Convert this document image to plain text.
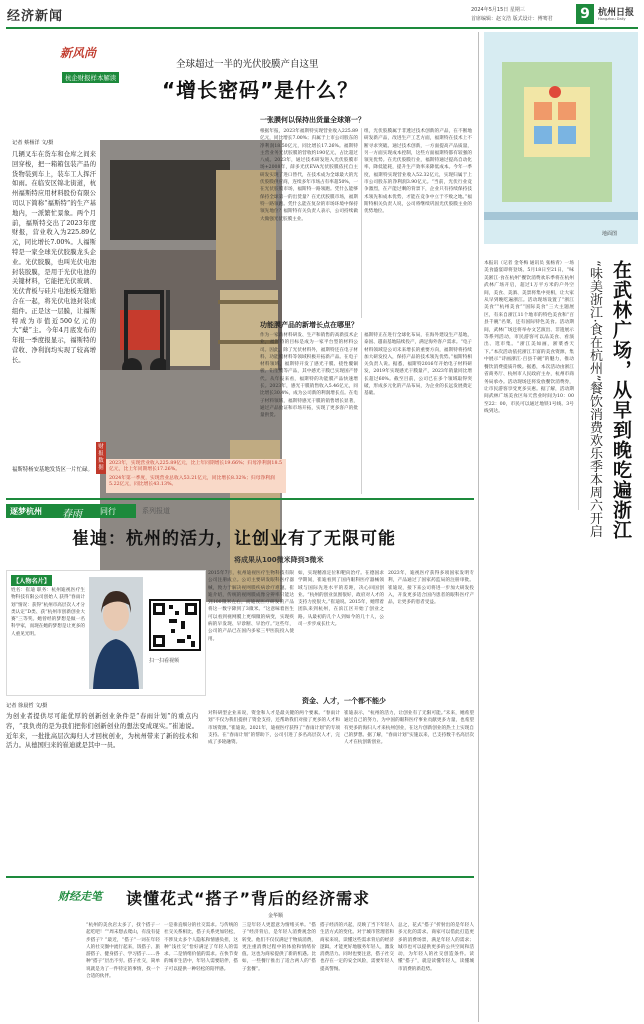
经济新闻	2024年5月15日 星期三
首席编辑：赵文浩 版式设计：傅骞君 9 杭州日报
Hangzhou Daily
新风尚
杭企财报样本解读
全球超过一半的光伏胶膜产自这里
“增长密码”是什么？
记者 蔡杨洋 文/摄
几辆叉车在货车和仓库之间来回穿梭，把一箱箱包装产品的货物装到车上，装车工人挥汗如雨。在临安区锦北街道，杭州福斯特应用材料股份有限公司以下简称“福斯特”的生产基地内，一派繁忙景象。两个月前，福斯特交出了2023年度财报，营业收入为225.89亿元，同比增长7.00%。人福斯特是一家全球光伏胶膜龙头企业。光伏胶膜，也叫光伏电池封装胶膜，是用于光伏电池的关键材料，它能把光伏玻璃、光伏背板与硅片电池板无缝贴合在一起，将光伏电池封装成组件。正是这一层膜，让福斯特成为市值近500亿元的大“蘖”主。今年4月底发布的年报一季度报显示，福斯特的营收、净利润均实现了较高增长。
财报数据
福斯特杨安基地发货区一片忙碌。
2023年，实现营业收入225.89亿元，比上年同期增长19.66%；归母净利润18.5亿元，比上年同期增长17.26%。
2024年第一季度，实现营业总收入53.21亿元，同比增长8.32%；归母净利润5.22亿元，同比增长43.13%。
一张膜何以保持出货量全球第一？
根据年报，2023年福斯特实现营业收入225.89亿元，同比增长7.00%；归属于上市公司股东的净利润18.50亿元，同比增长17.26%。福斯特主营业务光伏胶膜的营收约190亿元，占比超过八成。2023年，通过技术研发进入光伏胶膜市场+2008年，薛多光伏EVA光伏胶膜依托自主研发实现了进口替代，在技术成为全球最大的光伏胶膜供应商，连续多年市场占有率超50%，一在光伏胶膜市场，福斯特一路领跑。凭什么能够保持全球第一的出货量？在光伏胶膜市场，福斯特一路领跑。凭什么能在复杂的市场环境中保持领先地位？福斯特有关负责人表示，公司持续做大做强光伏胶膜主业。
组，光伏胶膜属于非透过技术创新的产品，在不断地研发新产品，改进生产工艺方面，福斯特在技术上不断寻求突破。通过技术创新，一方面提高产品质量，另一方面实现成本控制，这些方面福斯特都有较强的领先优势。在光伏胶膜行业，福斯特通过提高自动化率，降低能耗，提升生产效率来降低成本。今年一季度，福斯特实现营业收入52.32亿元，实现归属于上市公司股东的净利润3.90亿元。“当前，光伏行业竞争激烈，在产能过剩的背景下，企业只有持续保持技术领先和成本优势，才能在竞争中立于不败之地。”福斯特相关负责人说，公司将继续巩固光伏胶膜主业的优势地位。
功能膜产品的新增长点在哪里？
作为一家新材料研发、生产和销售的高新技术企业，福斯特的目标是成为一家平台型的材料公司。因此，除了光伏材料外，福斯特还在电子材料、功能膜材料等领域积极开拓新产品。在电子材料领域，福斯特开发了感光干膜、挠性覆铜板、铝塑膜等产品，其中感光干膜已实现国产替代。从年报来看，福斯特的功能膜产品快速增长。2023年，感光干膜销售收入5.46亿元，同比增长30.4%，成为公司新的利润增长点。在电子材料领域，福斯特感光干膜的销售增长显著，通过产品验证和市场开拓，实现了更多客户的批量供货。
福斯特正在进行全球化布局，在海外建设生产基地，泰国、越南基地陆续投产，满足海外客户需求。“电子材料领域是公司未来增长的重要方向，福斯特将持续加大研发投入，保持产品的技术领先优势。”福斯特相关负责人说。据悉，福斯特2016年开始电子材料研发，2019年实现感光干膜量产，2023年销量同比增长超过60%。截至目前，公司已在多个领域取得突破，形成多元化的产品布局，为企业的长远发展奠定基础。
地面图
在武林广场，从早到晚吃遍浙江
“味美浙江·食在杭州”餐饮消费欢乐季本周六开启
本报讯（记者 金冬梅 通讯员 张杨青）一场美食盛宴即将登场。5月18日至21日，“味美浙江·食在杭州”餐饮消费欢乐季将在杭州武林广场开启，超过1万平方米的户外空间，美食、美酒、美景将集中亮相，让大家从早到晚吃遍浙江。活动现场设置了“浙江美食”“杭州美食”“国际美食”三大主题展区，有来自浙江11个地市的特色美食和“百县千碗”名菜，还有国际特色美食。活动期间，武林广场还将举办文艺演出、非遗展示等系列活动，市民游客可以品美食、看演出、逛市集。“浙江美如画，浙菜香天下。”本次活动依托浙江丰富的美食资源，集中展示“诗画浙江·百县千碗”的魅力，推动餐饮消费提质升级。据悉，本次活动由浙江省商务厅、杭州市人民政府主办，杭州市商务局承办。活动现场还将发放餐饮消费券，让市民游客享受更多实惠。据了解，活动期间武林广场美食区每天营业时间为10：00至22：00，市民可以通过地铁1号线、3号线到达。
逐梦杭州 春雨 同行	系列报道
崔迪：杭州的活力，让创业有了无限可能
将成果从100微米降到3微米
【人物名片】
姓名：崔迪 职务：杭州迪视医疗生物科技有限公司创始人 获得“春雨计划”情况：获得“杭州市高层次人才分类认定”D类、获“杭州市创新创业大赛”三等奖。她曾经的梦想是做一名科学家，而现在她的梦想是让更多的人重见光明。
扫一扫看视频
记者 徐晨哲 文/摄
为创业者提供尽可能优厚的创新创业条件是“春雨计划”的重点内容，“我负责的是为我们把你们创新创业的想法变成现实。”崔迪说。近年来，一批批高层次海归人才回杭创业，为杭州带来了新的技术和活力。从德国归来的崔迪就是其中一员。
2015年7月，杭州迪视医疗生物科技有限公司注册成立。公司主要研发眼科医疗器械，致力于解决视网膜疾病诊疗难题。崔迪介绍，传统的视网膜成像分辨率只能达到100微米左右，而迪视医疗研发的产品将这一数字降到了3微米。“这意味着医生可以看到视网膜上更细微的病变，实现疾病的早发现、早诊断、早治疗。”这些年，公司的产品已在国内多家三甲医院投入使用。
如，实现精准定位和靶向治疗。在德国求学期间，崔迪看到了国内眼科医疗器械领域与国际先进水平的差距，决心回国创业。“杭州的创业氛围很好，政府对人才的支持力度很大。”崔迪说。2015年，她带着团队来到杭州，在滨江区开始了创业之路。从最初的几个人到如今的几十人，公司一步步成长壮大。
2023年，迪视医疗获得多项国家发明专利，产品通过了国家药监局的注册审批。崔迪说，接下来公司将进一步加大研发投入，开发更多适合国内患者的眼科医疗产品，让更多的患者受益。
资金、人才，一个都不能少
对科研型企业来说，资金和人才是最关键的两个要素。“春雨计划”不仅为我们提供了资金支持，还帮助我们对接了更多的人才和市场资源。”崔迪说。2021年，迪视医疗获得了“春雨计划”的专项支持。在“春雨计划”的帮助下，公司引进了多名高层次人才，完成了多轮融资。
崔迪表示，“杭州的活力，让创业有了无限可能。”未来，她希望通过自己的努力，为中国的眼科医疗事业贡献更多力量，也希望有更多的海归人才来杭州创业，在这片创新创业的热土上实现自己的梦想。据了解，“春雨计划”实施以来，已支持数千名高层次人才在杭创新创业。
财经走笔 读懂花式“搭子”背后的经济需求
金华顺
“杭州的美食店太多了，找个搭子一起吃吧！”“周末想去爬山，有没有徒步搭子？”最近，“搭子”一词在年轻人的社交圈中流行起来，饭搭子、旅游搭子、健身搭子、学习搭子……各种“搭子”层出不穷。搭子社交，简单说就是为了一件特定的事情，找一个合适的伙伴。
一是垂直细分的社交需求。与传统的社交关系相比，搭子关系更加轻松，不涉及太多个人隐私和情感负担，这种“浅社交”恰好满足了年轻人的需求。二是情绪价值的需求。在快节奏的城市生活中，年轻人需要陪伴，搭子可以提供一种轻松的陪伴感。
三是年轻人更愿意为情绪买单。“搭子”经济背后，是年轻人消费观念的转变。他们不仅仅满足于物质消费，更注重消费过程中的体验和情绪价值。这也为商家提供了新的机遇。比如，一些餐厅推出了适合两人的“搭子套餐”。
搭子经济的兴起，反映了当下年轻人生活方式的变化。对于城市管理者和商家来说，读懂这些需求背后的经济逻辑，才能更好地服务年轻人，激发消费活力。同时也要注意，搭子社交也存在一定的安全风险，需要年轻人提高警惕。
总之，花式“搭子”折射出的是年轻人多元化的需求。商家可以借此打造更多的消费场景，满足年轻人的需求；城市也可以提供更多的公共空间和活动，为年轻人的社交创造条件。读懂“搭子”，就是读懂年轻人，读懂城市消费的新趋势。
